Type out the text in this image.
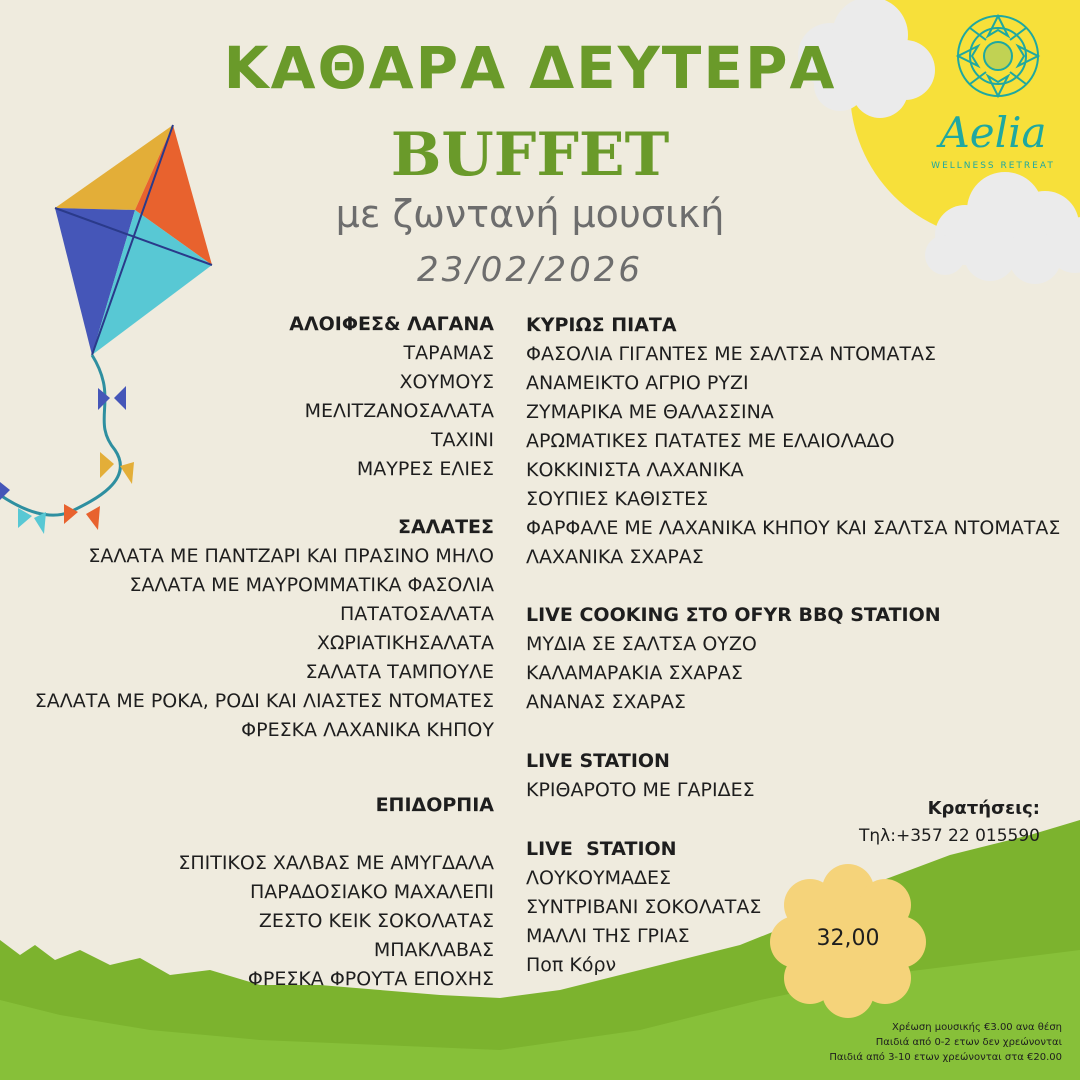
ΚΑΘΑΡΑ ΔΕΥΤΕΡΑ
BUFFET
με ζωντανή μουσική
23/02/2026
Aelia
WELLNESS RETREAT
ΑΛΟΙΦΕΣ& ΛΑΓΑΝΑ
ΤΑΡΑΜΑΣ
ΧΟΥΜΟΥΣ
ΜΕΛΙΤΖΑΝΟΣΑΛΑΤΑ
ΤΑΧΙΝΙ
ΜΑΥΡΕΣ ΕΛΙΕΣ
ΣΑΛΑΤΕΣ
ΣΑΛΑΤΑ ΜΕ ΠΑΝΤΖΑΡΙ ΚΑΙ ΠΡΑΣΙΝΟ ΜΗΛΟ
ΣΑΛΑΤΑ ΜΕ ΜΑΥΡΟΜΜΑΤΙΚΑ ΦΑΣΟΛΙΑ
ΠΑΤΑΤΟΣΑΛΑΤΑ
ΧΩΡΙΑΤΙΚΗΣΑΛΑΤΑ
ΣΑΛΑΤΑ ΤΑΜΠΟΥΛΕ
ΣΑΛΑΤΑ ΜΕ ΡΟΚΑ, ΡΟΔΙ ΚΑΙ ΛΙΑΣΤΕΣ ΝΤΟΜΑΤΕΣ
ΦΡΕΣΚΑ ΛΑΧΑΝΙΚΑ ΚΗΠΟΥ
ΕΠΙΔΟΡΠΙΑ
ΣΠΙΤΙΚΟΣ ΧΑΛΒΑΣ ΜΕ ΑΜΥΓΔΑΛΑ
ΠΑΡΑΔΟΣΙΑΚΟ ΜΑΧΑΛΕΠΙ
ΖΕΣΤΟ ΚΕΙΚ ΣΟΚΟΛΑΤΑΣ
ΜΠΑΚΛΑΒΑΣ
ΦΡΕΣΚΑ ΦΡΟΥΤΑ ΕΠΟΧΗΣ
ΚΥΡΙΩΣ ΠΙΑΤΑ
ΦΑΣΟΛΙΑ ΓΙΓΑΝΤΕΣ ΜΕ ΣΑΛΤΣΑ ΝΤΟΜΑΤΑΣ
ΑΝΑΜΕΙΚΤΟ ΑΓΡΙΟ ΡΥΖΙ
ΖΥΜΑΡΙΚΑ ΜΕ ΘΑΛΑΣΣΙΝΑ
ΑΡΩΜΑΤΙΚΕΣ ΠΑΤΑΤΕΣ ΜΕ ΕΛΑΙΟΛΑΔΟ
ΚΟΚΚΙΝΙΣΤΑ ΛΑΧΑΝΙΚΑ
ΣΟΥΠΙΕΣ ΚΑΘΙΣΤΕΣ
ΦΑΡΦΑΛΕ ΜΕ ΛΑΧΑΝΙΚΑ ΚΗΠΟΥ ΚΑΙ ΣΑΛΤΣΑ ΝΤΟΜΑΤΑΣ
ΛΑΧΑΝΙΚΑ ΣΧΑΡΑΣ
LIVE COOKING ΣΤΟ OFYR BBQ STATION
ΜΥΔΙΑ ΣΕ ΣΑΛΤΣΑ ΟΥΖΟ
ΚΑΛΑΜΑΡΑΚΙΑ ΣΧΑΡΑΣ
ΑΝΑΝΑΣ ΣΧΑΡΑΣ
LIVE STATION
ΚΡΙΘΑΡΟΤΟ ΜΕ ΓΑΡΙΔΕΣ
LIVE  STATION
ΛΟΥΚΟΥΜΑΔΕΣ
ΣΥΝΤΡΙΒΑΝΙ ΣΟΚΟΛΑΤΑΣ
ΜΑΛΛΙ ΤΗΣ ΓΡΙΑΣ
Ποπ Κόρν
Κρατήσεις:
Τηλ:+357 22 015590
32,00
Χρέωση μουσικής €3.00 ανα θέση
Παιδιά από 0-2 ετων δεν χρεώνονται
Παιδιά από 3-10 ετων χρεώνονται στα €20.00
